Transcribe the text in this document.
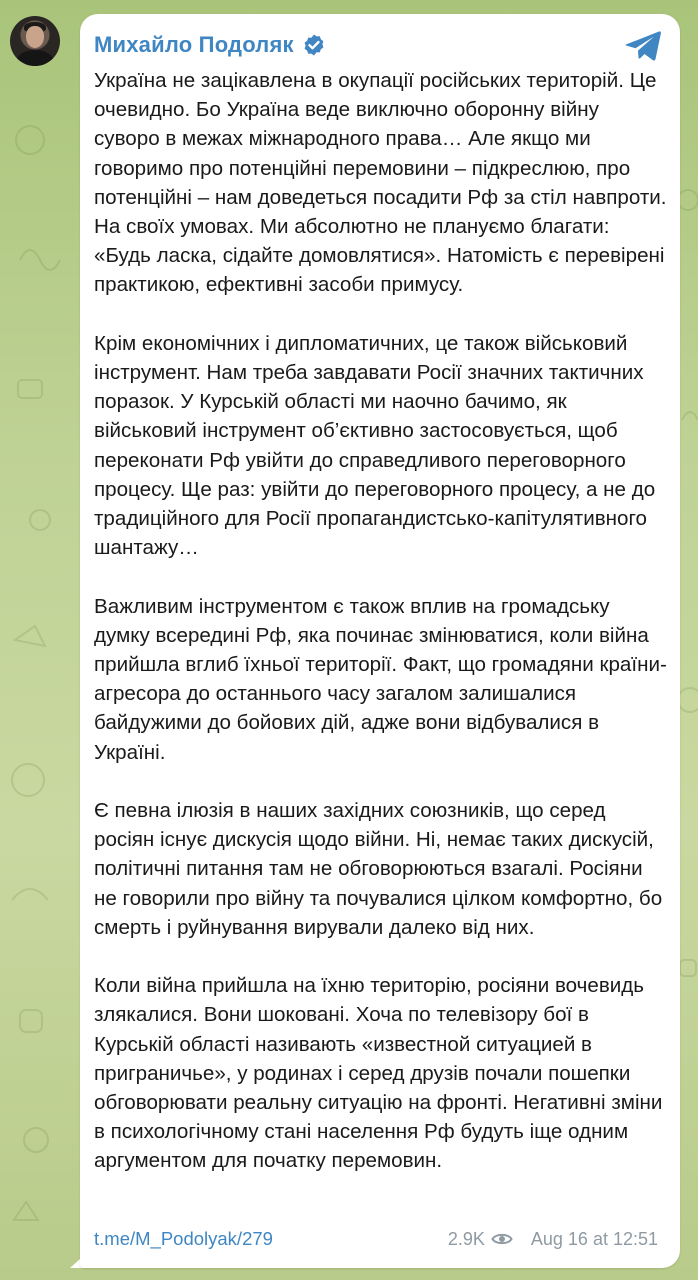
Михайло Подоляк

Україна не зацікавлена в окупації російських територій. Це очевидно. Бо Україна веде виключно оборонну війну суворо в межах міжнародного права… Але якщо ми говоримо про потенційні перемовини – підкреслюю, про потенційні – нам доведеться посадити Рф за стіл навпроти. На своїх умовах. Ми абсолютно не плануємо благати: «Будь ласка, сідайте домовлятися». Натомість є перевірені практикою, ефективні засоби примусу.

Крім економічних і дипломатичних, це також військовий інструмент. Нам треба завдавати Росії значних тактичних поразок. У Курській області ми наочно бачимо, як військовий інструмент об’єктивно застосовується, щоб переконати Рф увійти до справедливого переговорного процесу. Ще раз: увійти до переговорного процесу, а не до традиційного для Росії пропагандистсько-капітулятивного шантажу…

Важливим інструментом є також вплив на громадську думку всередині Рф, яка починає змінюватися, коли війна прийшла вглиб їхньої території. Факт, що громадяни країни-агресора до останнього часу загалом залишалися байдужими до бойових дій, адже вони відбувалися в Україні.

Є певна ілюзія в наших західних союзників, що серед росіян існує дискусія щодо війни. Ні, немає таких дискусій, політичні питання там не обговорюються взагалі. Росіяни не говорили про війну та почувалися цілком комфортно, бо смерть і руйнування вирували далеко від них.

Коли війна прийшла на їхню територію, росіяни вочевидь злякалися. Вони шоковані. Хоча по телевізору бої в Курській області називають «известной ситуацией в приграничье», у родинах і серед друзів почали пошепки обговорювати реальну ситуацію на фронті. Негативні зміни в психологічному стані населення Рф будуть іще одним аргументом для початку перемовин.

t.me/M_Podolyak/279	2.9K	Aug 16 at 12:51
